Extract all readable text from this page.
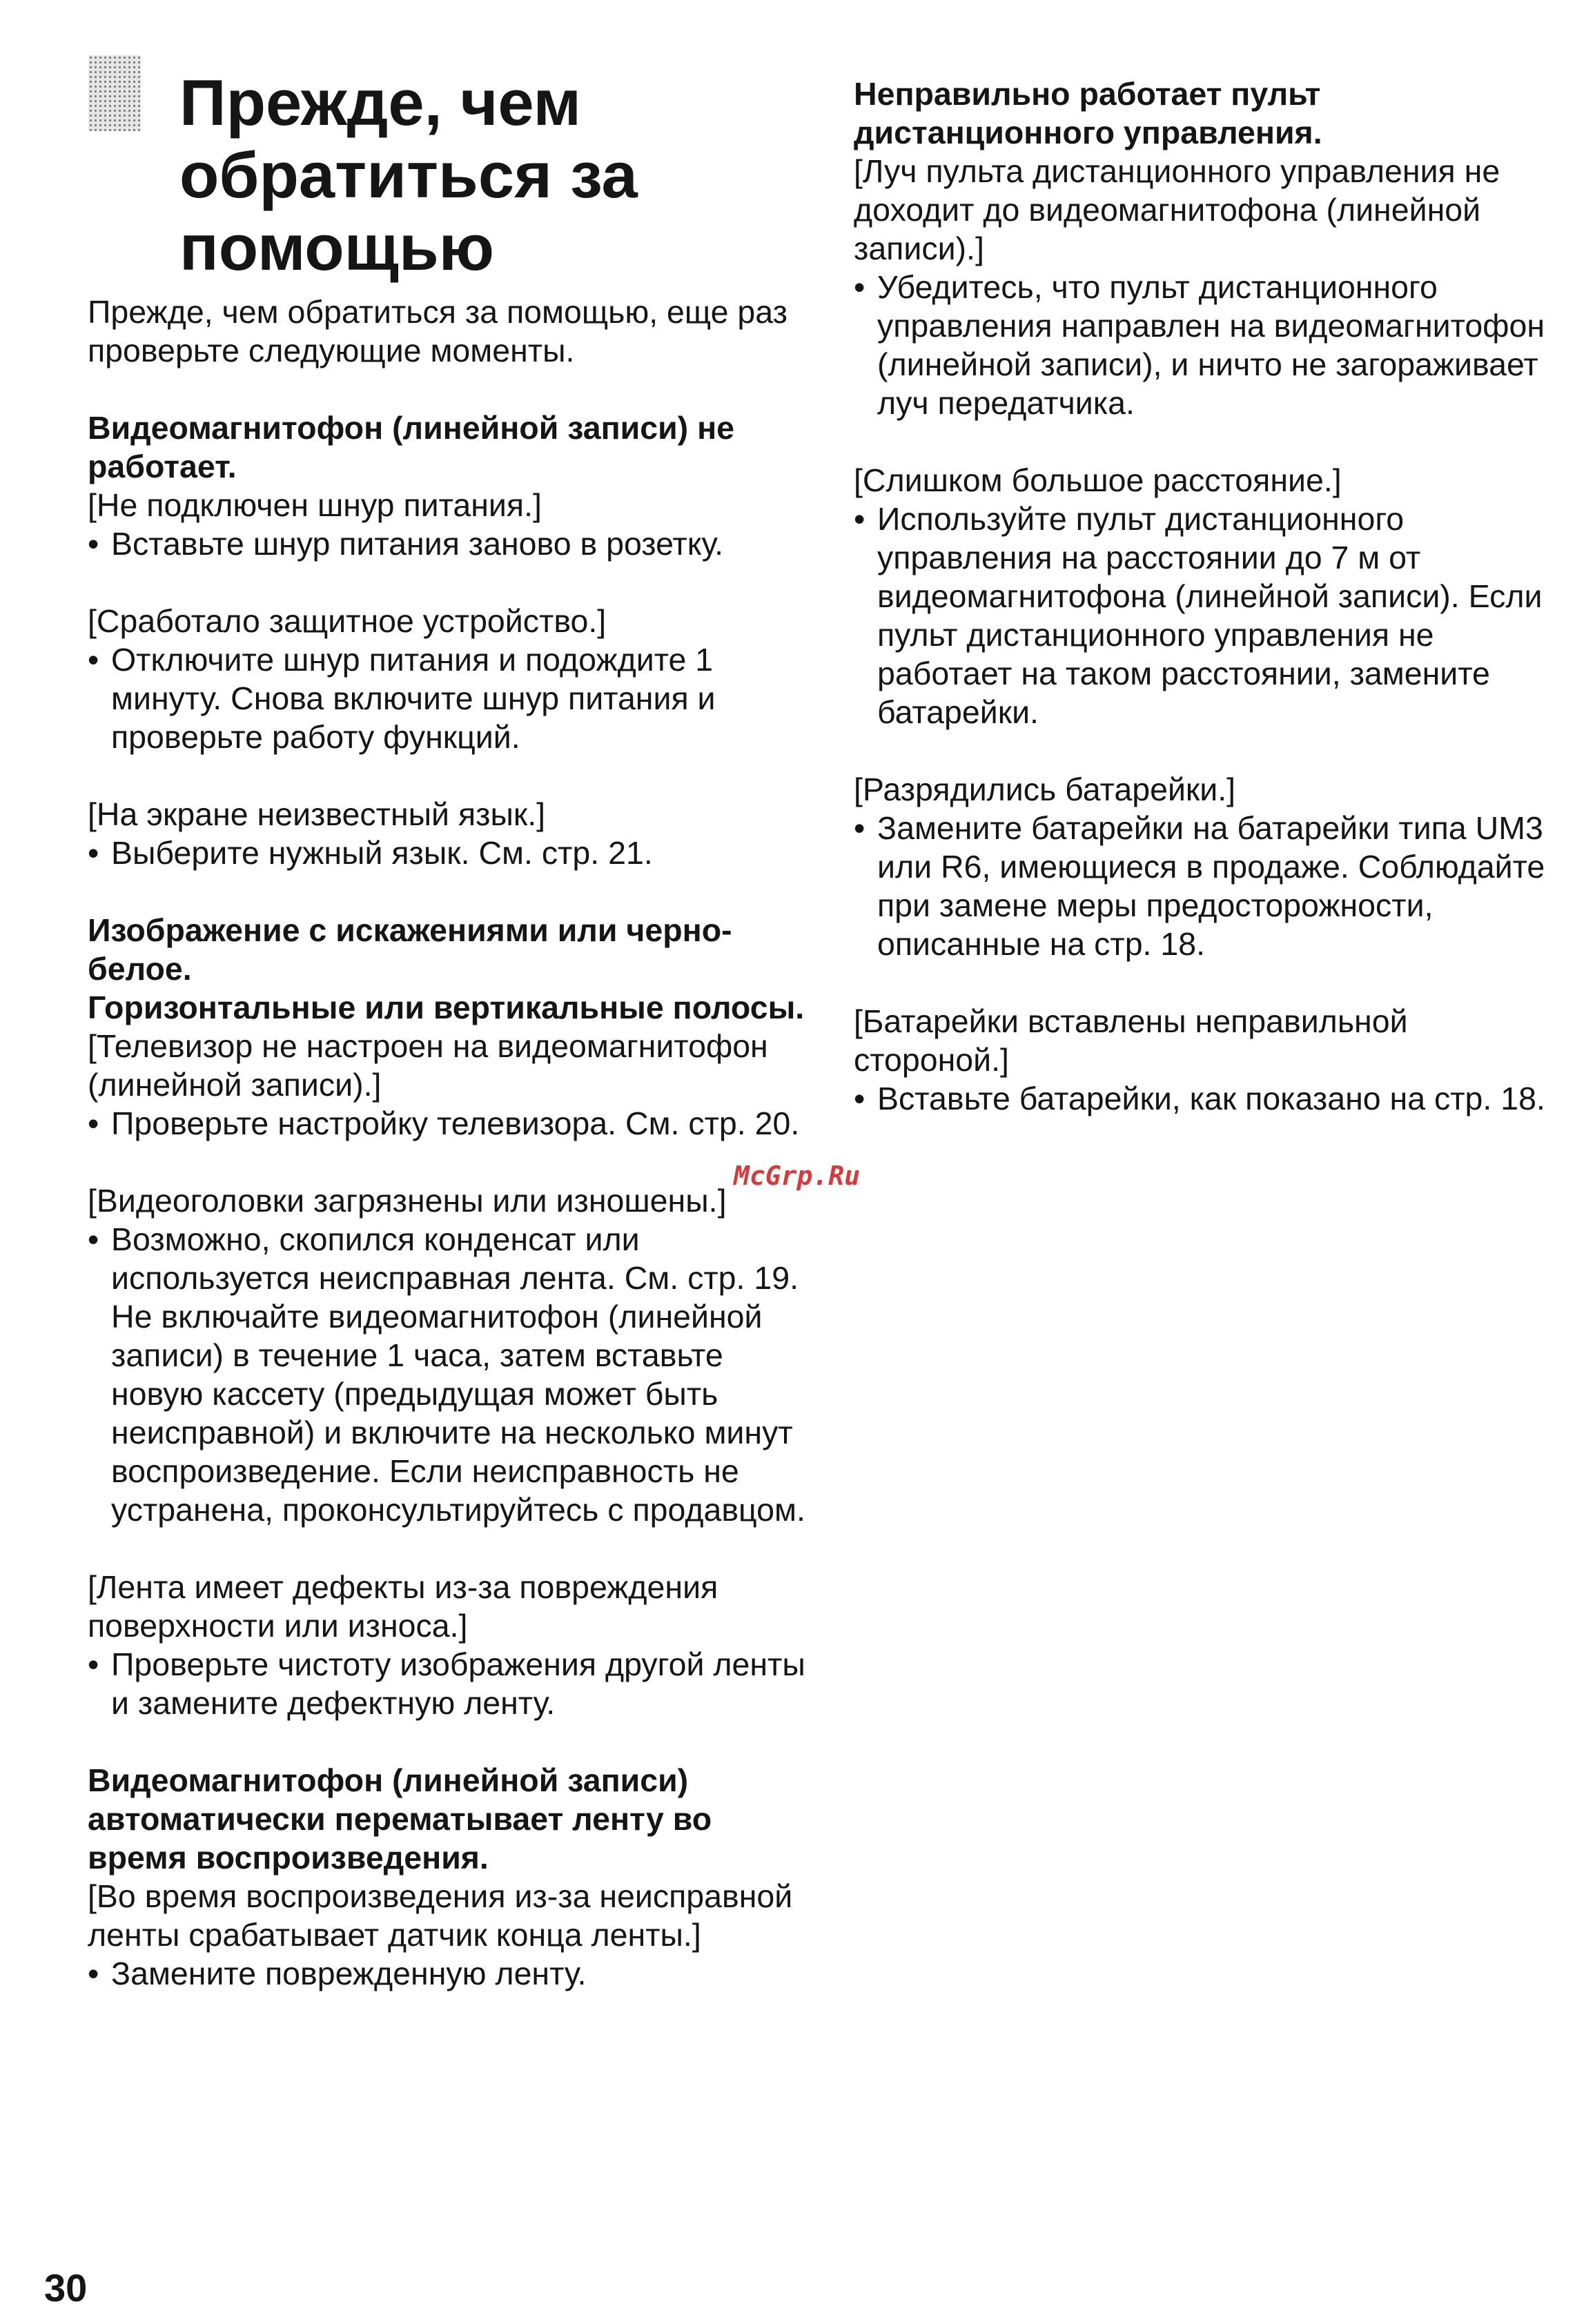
Прежде, чем обратиться за помощью

Прежде, чем обратиться за помощью, еще раз проверьте следующие моменты.

Видеомагнитофон (линейной записи) не работает.

[Не подключен шнур питания.]

• Вставьте шнур питания заново в розетку.

[Сработало защитное устройство.]

• Отключите шнур питания и подождите 1 минуту. Снова включите шнур питания и проверьте работу функций.

[На экране неизвестный язык.]

• Выберите нужный язык. См. стр. 21.

Изображение с искажениями или черно-белое.

Горизонтальные или вертикальные полосы.

[Телевизор не настроен на видеомагнитофон (линейной записи).]

• Проверьте настройку телевизора. См. стр. 20.

[Видеоголовки загрязнены или изношены.]

• Возможно, скопился конденсат или используется неисправная лента. См. стр. 19. Не включайте видеомагнитофон (линейной записи) в течение 1 часа, затем вставьте новую кассету (предыдущая может быть неисправной) и включите на несколько минут воспроизведение. Если неисправность не устранена, проконсультируйтесь с продавцом.

[Лента имеет дефекты из-за повреждения поверхности или износа.]

• Проверьте чистоту изображения другой ленты и замените дефектную ленту.

Видеомагнитофон (линейной записи) автоматически перематывает ленту во время воспроизведения.

[Во время воспроизведения из-за неисправной ленты срабатывает датчик конца ленты.]

• Замените поврежденную ленту.

Неправильно работает пульт дистанционного управления.

[Луч пульта дистанционного управления не доходит до видеомагнитофона (линейной записи).]

• Убедитесь, что пульт дистанционного управления направлен на видеомагнитофон (линейной записи), и ничто не загораживает луч передатчика.

[Слишком большое расстояние.]

• Используйте пульт дистанционного управления на расстоянии до 7 м от видеомагнитофона (линейной записи). Если пульт дистанционного управления не работает на таком расстоянии, замените батарейки.

[Разрядились батарейки.]

• Замените батарейки на батарейки типа UM3 или R6, имеющиеся в продаже. Соблюдайте при замене меры предосторожности, описанные на стр. 18.

[Батарейки вставлены неправильной стороной.]

• Вставьте батарейки, как показано на стр. 18.

McGrp.Ru
30
